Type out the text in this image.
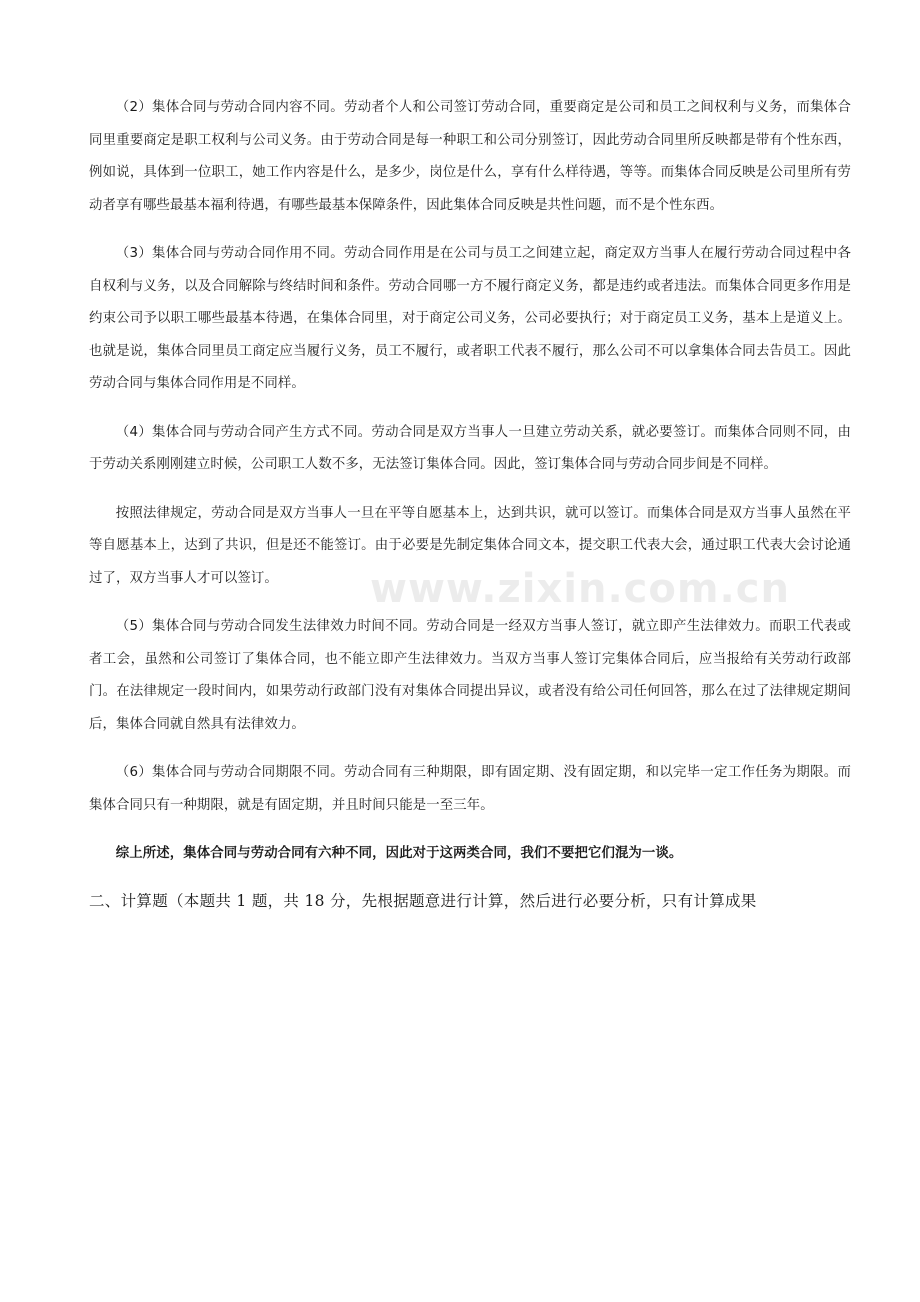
（2）集体合同与劳动合同内容不同。劳动者个人和公司签订劳动合同，重要商定是公司和员工之间权利与义务，而集体合同里重要商定是职工权利与公司义务。由于劳动合同是每一种职工和公司分别签订，因此劳动合同里所反映都是带有个性东西，例如说，具体到一位职工，她工作内容是什么，是多少，岗位是什么，享有什么样待遇，等等。而集体合同反映是公司里所有劳动者享有哪些最基本福利待遇，有哪些最基本保障条件，因此集体合同反映是共性问题，而不是个性东西。

（3）集体合同与劳动合同作用不同。劳动合同作用是在公司与员工之间建立起，商定双方当事人在履行劳动合同过程中各自权利与义务，以及合同解除与终结时间和条件。劳动合同哪一方不履行商定义务，都是违约或者违法。而集体合同更多作用是约束公司予以职工哪些最基本待遇，在集体合同里，对于商定公司义务，公司必要执行；对于商定员工义务，基本上是道义上。也就是说，集体合同里员工商定应当履行义务，员工不履行，或者职工代表不履行，那么公司不可以拿集体合同去告员工。因此劳动合同与集体合同作用是不同样。

（4）集体合同与劳动合同产生方式不同。劳动合同是双方当事人一旦建立劳动关系，就必要签订。而集体合同则不同，由于劳动关系刚刚建立时候，公司职工人数不多，无法签订集体合同。因此，签订集体合同与劳动合同步间是不同样。

按照法律规定，劳动合同是双方当事人一旦在平等自愿基本上，达到共识，就可以签订。而集体合同是双方当事人虽然在平等自愿基本上，达到了共识，但是还不能签订。由于必要是先制定集体合同文本，提交职工代表大会，通过职工代表大会讨论通过了，双方当事人才可以签订。

（5）集体合同与劳动合同发生法律效力时间不同。劳动合同是一经双方当事人签订，就立即产生法律效力。而职工代表或者工会，虽然和公司签订了集体合同，也不能立即产生法律效力。当双方当事人签订完集体合同后，应当报给有关劳动行政部门。在法律规定一段时间内，如果劳动行政部门没有对集体合同提出异议，或者没有给公司任何回答，那么在过了法律规定期间后，集体合同就自然具有法律效力。

（6）集体合同与劳动合同期限不同。劳动合同有三种期限，即有固定期、没有固定期，和以完毕一定工作任务为期限。而集体合同只有一种期限，就是有固定期，并且时间只能是一至三年。

综上所述，集体合同与劳动合同有六种不同，因此对于这两类合同，我们不要把它们混为一谈。

二、计算题（本题共 1 题，共 18 分，先根据题意进行计算，然后进行必要分析，只有计算成果

www.zixin.com.cn
